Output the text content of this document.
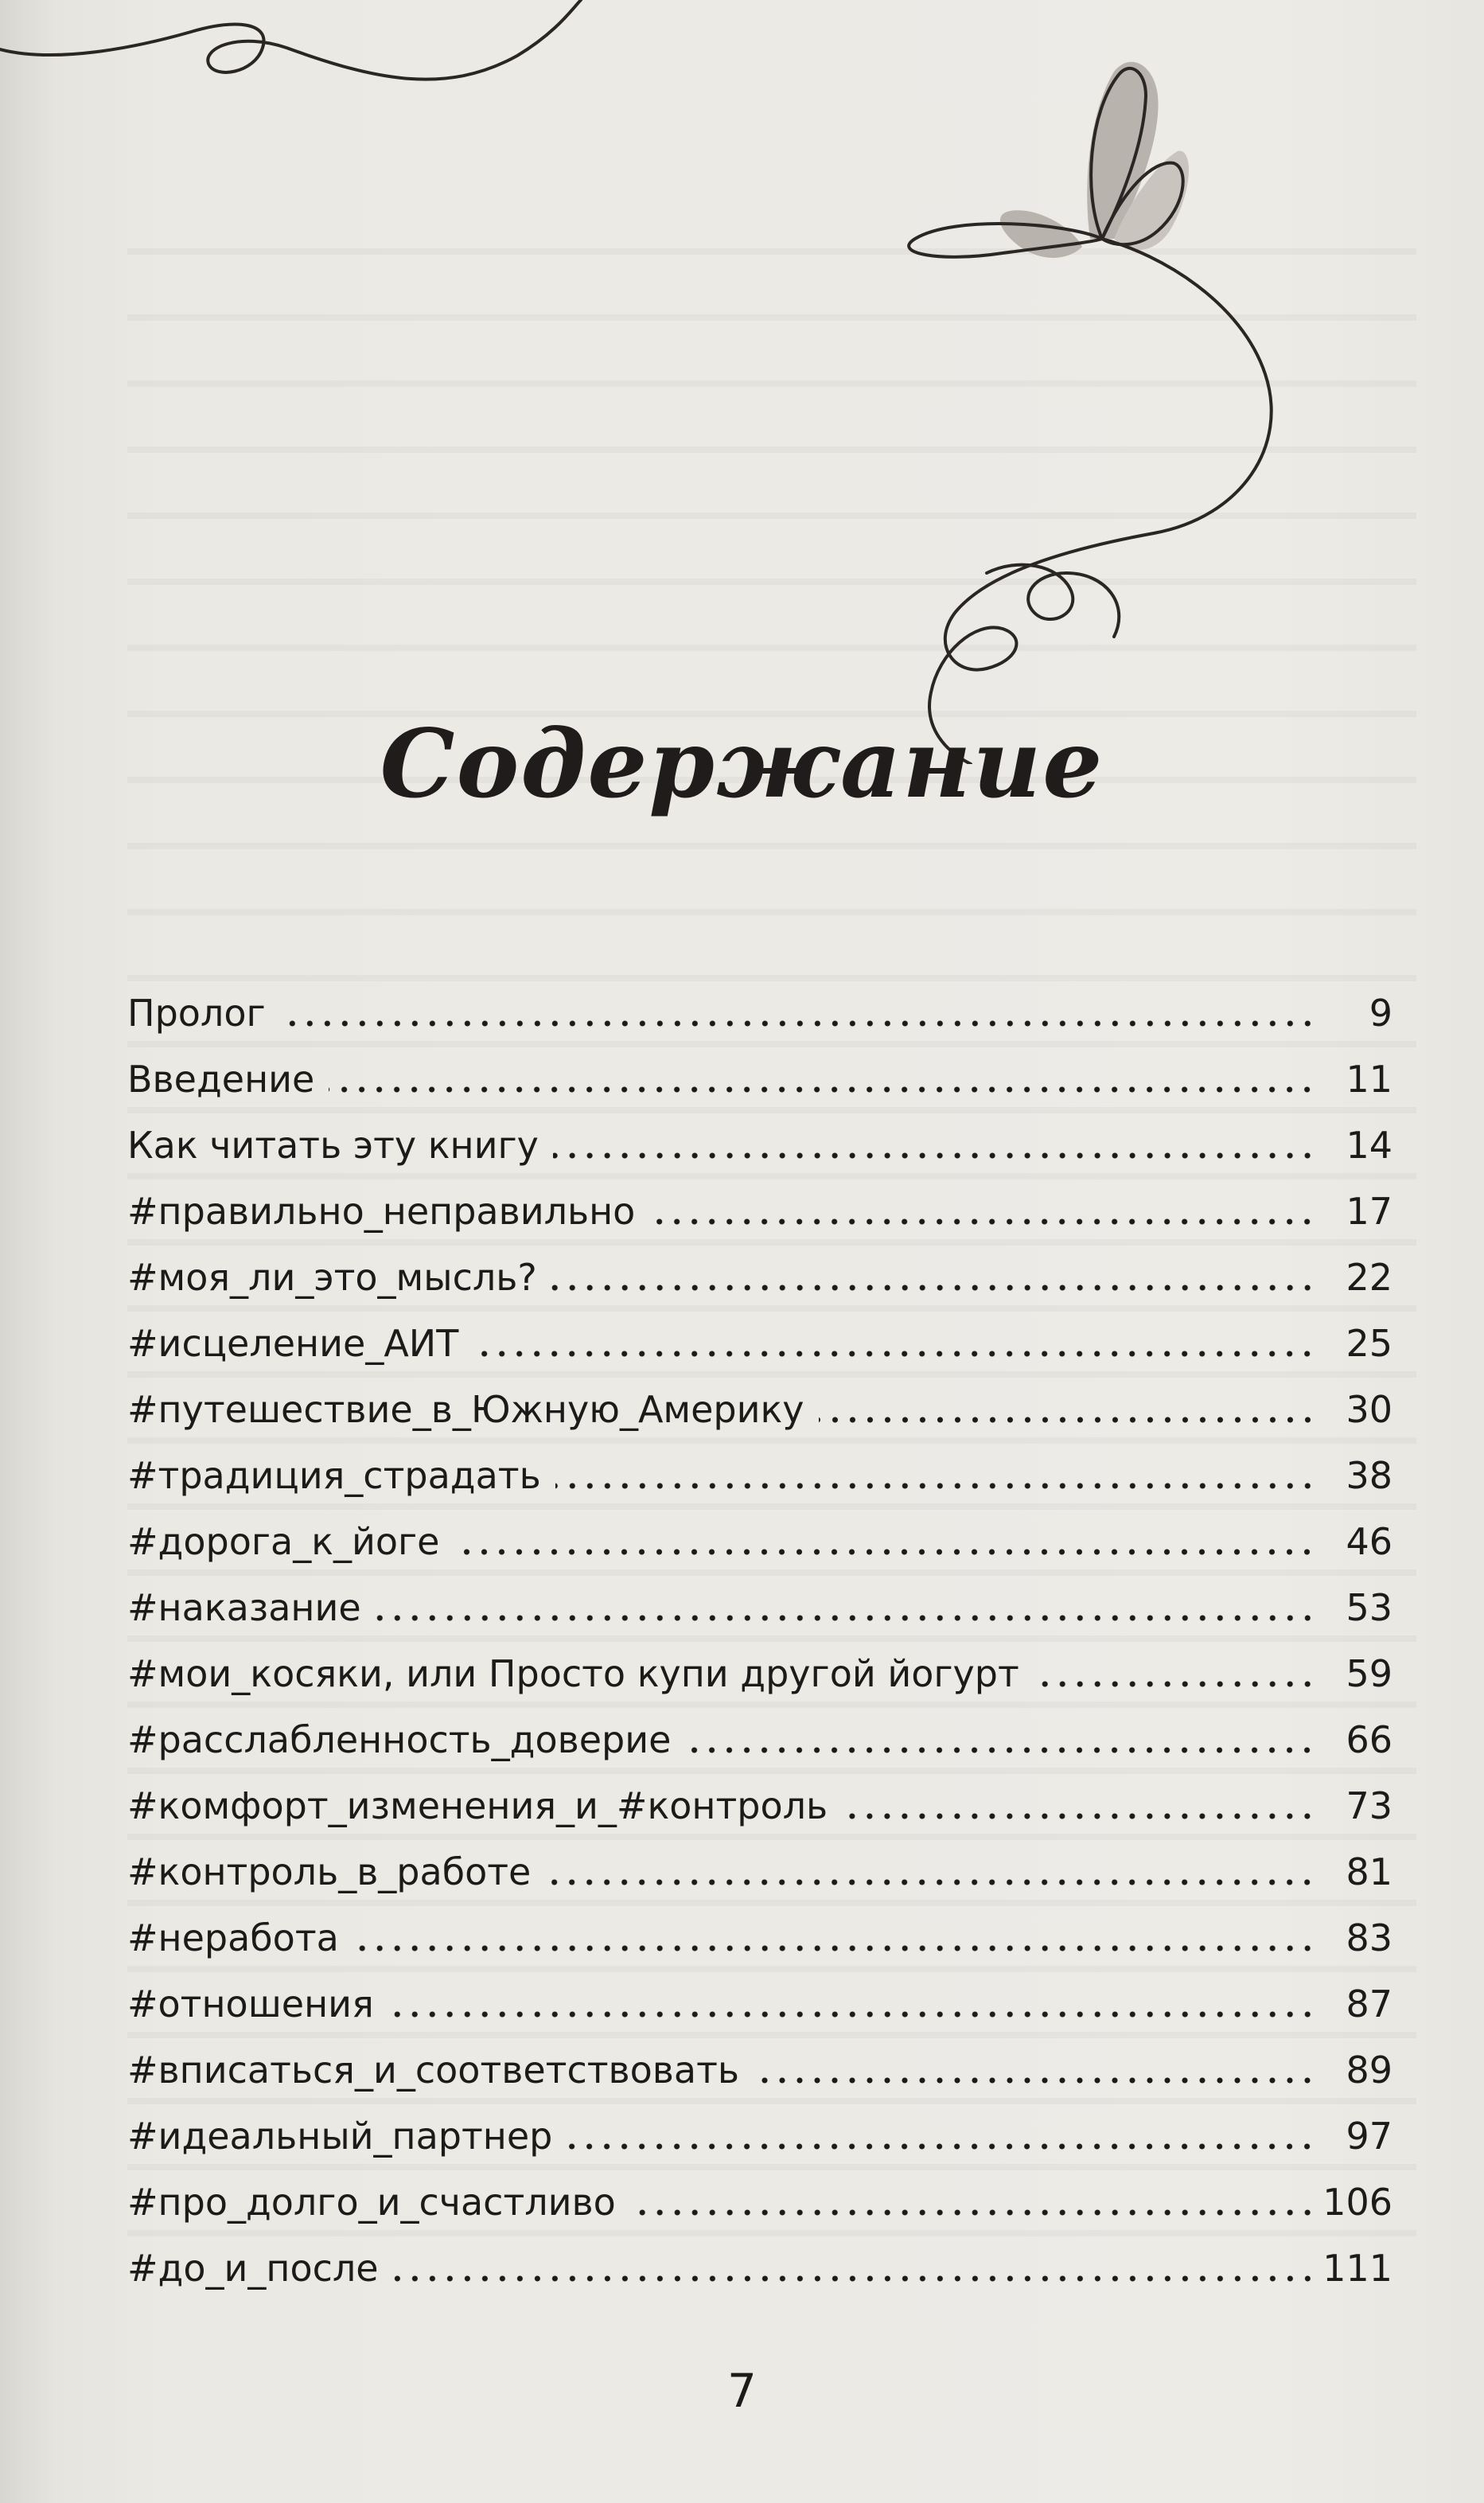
Содержание
Пролог	9
Введение	11
Как читать эту книгу	14
#правильно_неправильно	17
#моя_ли_это_мысль?	22
#исцеление_АИТ	25
#путешествие_в_Южную_Америку	30
#традиция_страдать	38
#дорога_к_йоге	46
#наказание	53
#мои_косяки, или Просто купи другой йогурт	59
#расслабленность_доверие	66
#комфорт_изменения_и_#контроль	73
#контроль_в_работе	81
#неработа	83
#отношения	87
#вписаться_и_соответствовать	89
#идеальный_партнер	97
#про_долго_и_счастливо	106
#до_и_после	111
7
